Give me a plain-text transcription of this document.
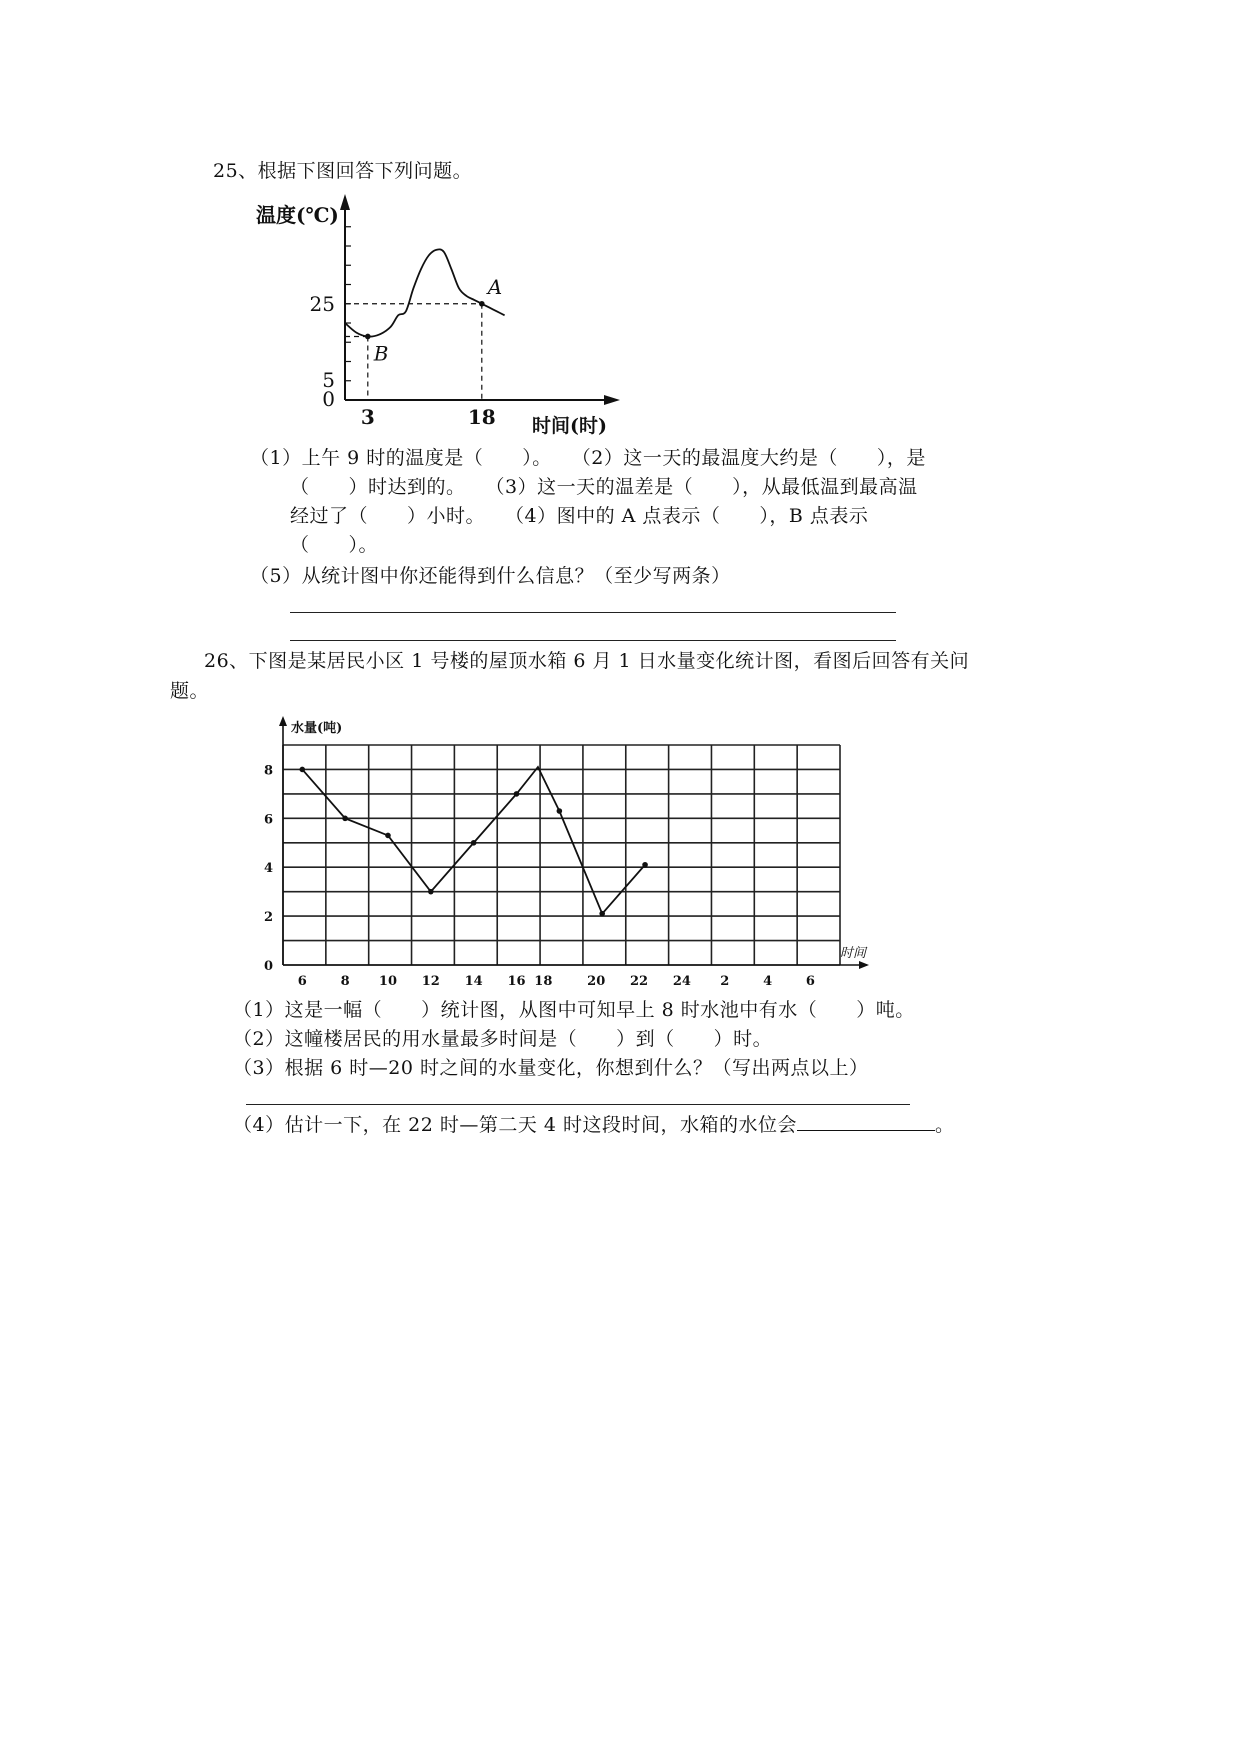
25、根据下图回答下列问题。
温度(℃)
0
5
25
3	18 时间(时)
A
B
（1）上午 9 时的温度是（　　）。　　（2）这一天的最温度大约是（　　），是
（　　）时达到的。　　（3）这一天的温差是（　　），从最低温到最高温
经过了（　　）小时。　　（4）图中的 A 点表示（　　），B 点表示
（　　）。
（5）从统计图中你还能得到什么信息？（至少写两条）
26、下图是某居民小区 1 号楼的屋顶水箱 6 月 1 日水量变化统计图，看图后回答有关问
题。
水量(吨)
0
2
4
6
8
6	8 10 12 14 16 18	20 22 24 2	4	6
时间
（1）这是一幅（　　）统计图，从图中可知早上 8 时水池中有水（　　）吨。
（2）这幢楼居民的用水量最多时间是（　　）到（　　）时。
（3）根据 6 时—20 时之间的水量变化，你想到什么？（写出两点以上）
（4）估计一下，在 22 时—第二天 4 时这段时间，水箱的水位会	。
